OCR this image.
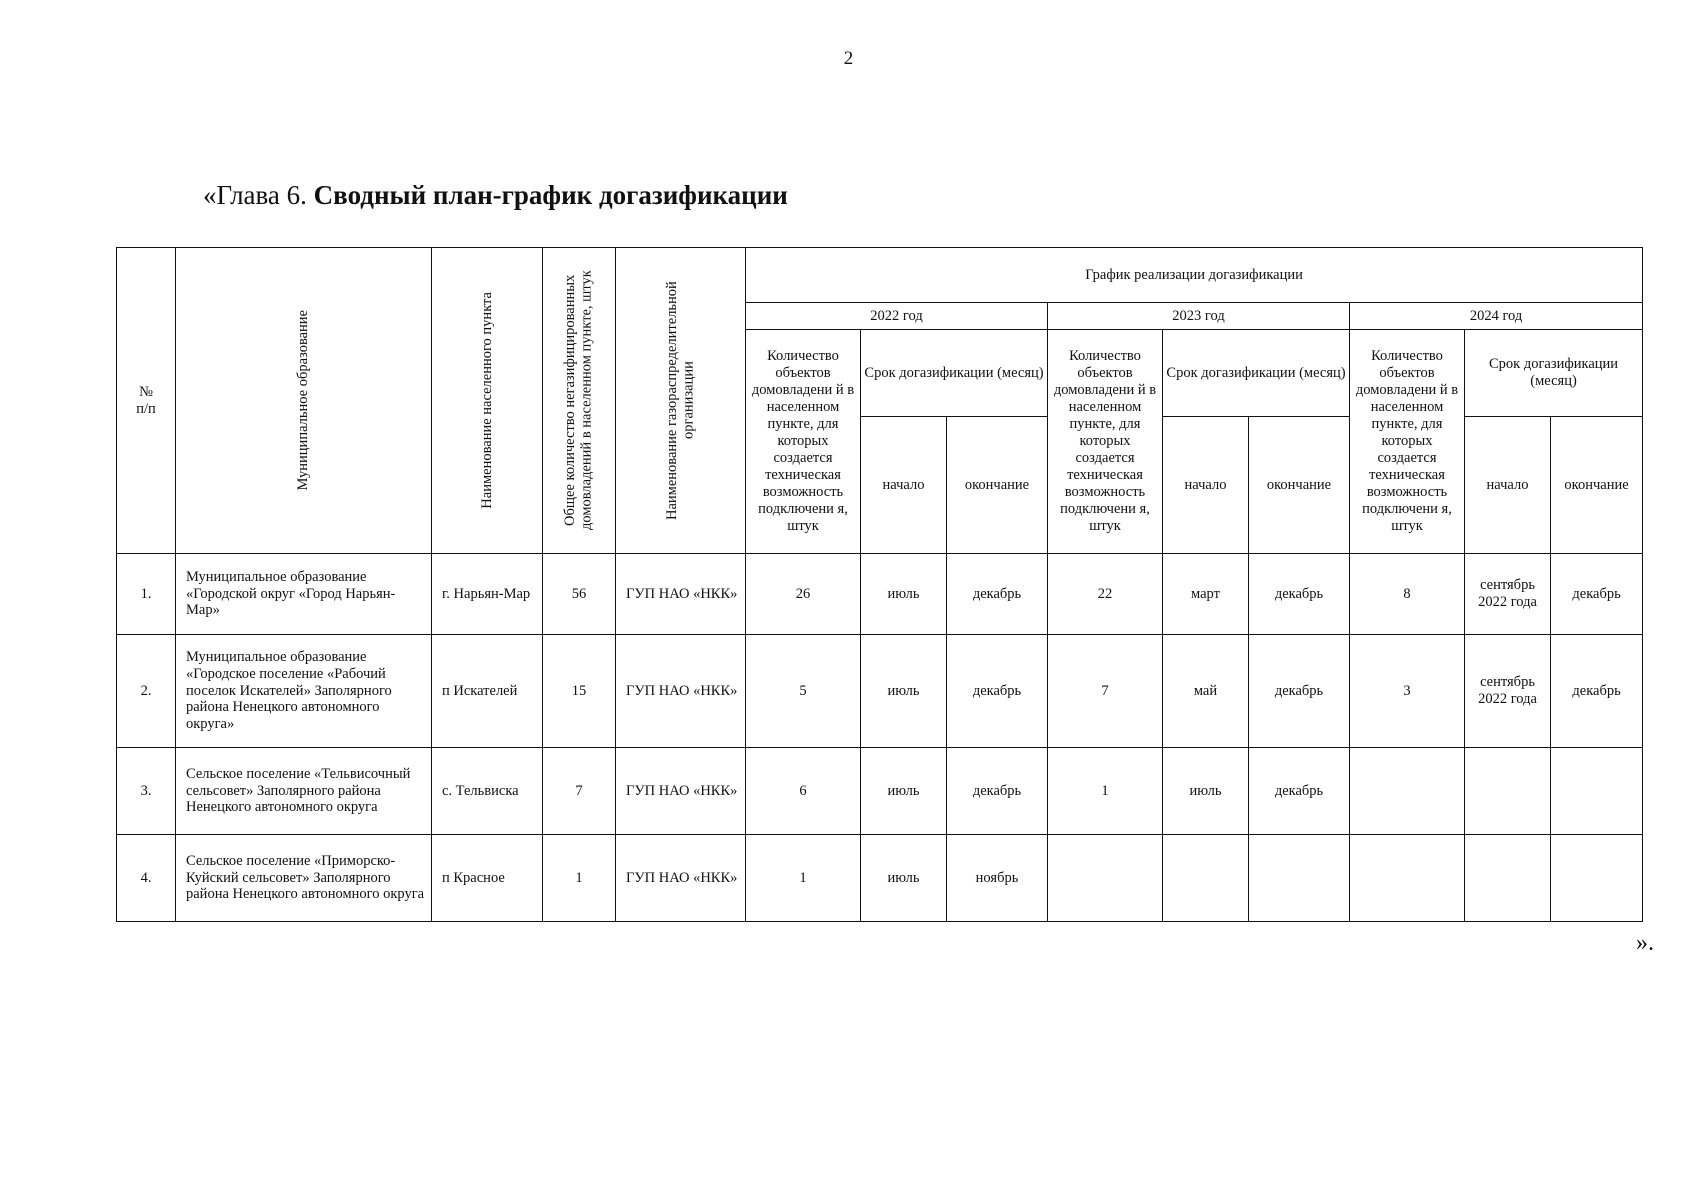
2
«Глава 6. Сводный план-график догазификации
№
п/п	Муниципальное образование	Наименование населенного пункта	Общее количество негазифицированных домовладений в населенном пункте, штук	Наименование газораспределительной организации	График реализации догазификации								
					2022 год			2023 год			2024 год		
					Количество объектов домовладени й в населенном пункте, для которых создается техническая возможность подключени я, штук	Срок догазификации (месяц)		Количество объектов домовладени й в населенном пункте, для которых создается техническая возможность подключени я, штук	Срок догазификации (месяц)		Количество объектов домовладени й в населенном пункте, для которых создается техническая возможность подключени я, штук	Срок догазификации (месяц)	
						начало	окончание		начало	окончание		начало	окончание
1.	Муниципальное образование «Городской округ «Город Нарьян-Мар»	г. Нарьян-Мар	56	ГУП НАО «НКК»	26	июль	декабрь	22	март	декабрь	8	сентябрь 2022 года	декабрь
2.	Муниципальное образование «Городское поселение «Рабочий поселок Искателей» Заполярного района Ненецкого автономного округа»	п Искателей	15	ГУП НАО «НКК»	5	июль	декабрь	7	май	декабрь	3	сентябрь 2022 года	декабрь
3.	Сельское поселение «Тельвисочный сельсовет» Заполярного района Ненецкого автономного округа	с. Тельвиска	7	ГУП НАО «НКК»	6	июль	декабрь	1	июль	декабрь			
4.	Сельское поселение «Приморско-Куйский сельсовет» Заполярного района Ненецкого автономного округа	п Красное	1	ГУП НАО «НКК»	1	июль	ноябрь						
».
